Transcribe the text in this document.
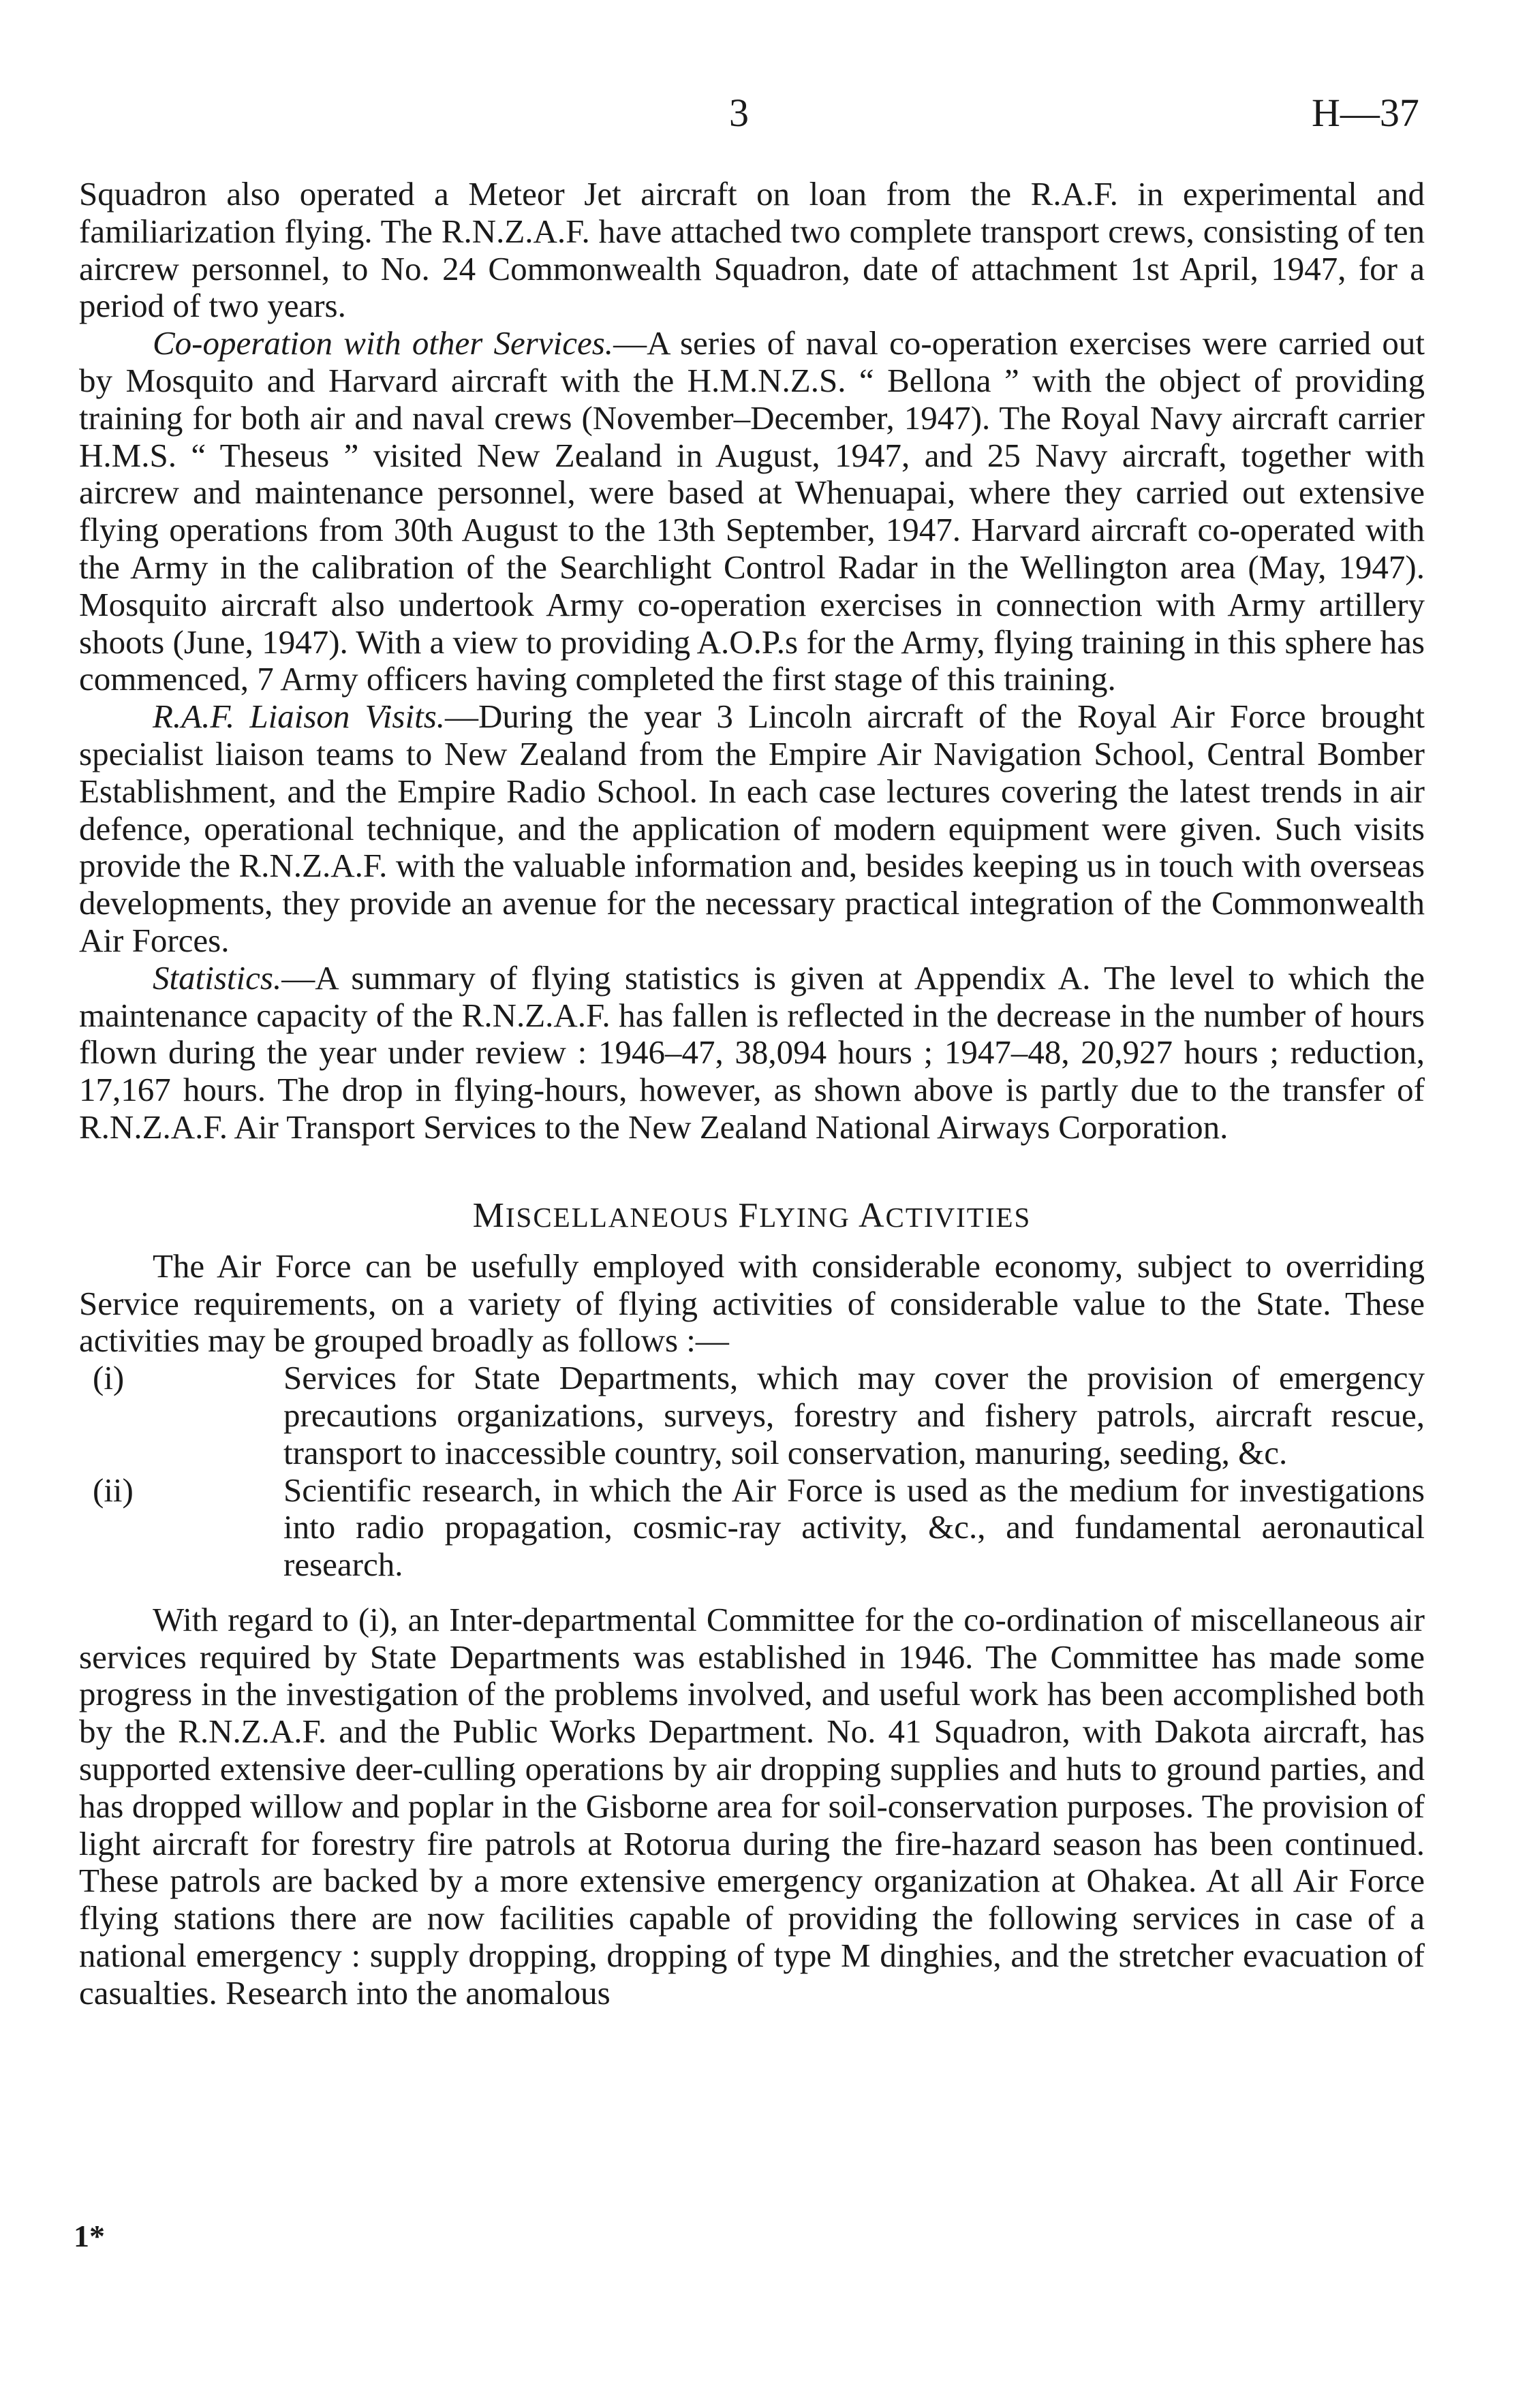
3	H—37

Squadron also operated a Meteor Jet aircraft on loan from the R.A.F. in experimental and familiarization flying. The R.N.Z.A.F. have attached two complete transport crews, consisting of ten aircrew personnel, to No. 24 Commonwealth Squadron, date of attachment 1st April, 1947, for a period of two years.

Co-operation with other Services.—A series of naval co-operation exercises were carried out by Mosquito and Harvard aircraft with the H.M.N.Z.S. “ Bellona ” with the object of providing training for both air and naval crews (November–December, 1947). The Royal Navy aircraft carrier H.M.S. “ Theseus ” visited New Zealand in August, 1947, and 25 Navy aircraft, together with aircrew and maintenance personnel, were based at Whenuapai, where they carried out extensive flying operations from 30th August to the 13th September, 1947. Harvard aircraft co-operated with the Army in the calibration of the Searchlight Control Radar in the Wellington area (May, 1947). Mosquito aircraft also undertook Army co-operation exercises in connection with Army artillery shoots (June, 1947). With a view to providing A.O.P.s for the Army, flying training in this sphere has commenced, 7 Army officers having completed the first stage of this training.

R.A.F. Liaison Visits.—During the year 3 Lincoln aircraft of the Royal Air Force brought specialist liaison teams to New Zealand from the Empire Air Navigation School, Central Bomber Establishment, and the Empire Radio School. In each case lectures covering the latest trends in air defence, operational technique, and the application of modern equipment were given. Such visits provide the R.N.Z.A.F. with the valuable information and, besides keeping us in touch with overseas developments, they provide an avenue for the necessary practical integration of the Commonwealth Air Forces.

Statistics.—A summary of flying statistics is given at Appendix A. The level to which the maintenance capacity of the R.N.Z.A.F. has fallen is reflected in the decrease in the number of hours flown during the year under review : 1946–47, 38,094 hours ; 1947–48, 20,927 hours ; reduction, 17,167 hours. The drop in flying-hours, however, as shown above is partly due to the transfer of R.N.Z.A.F. Air Transport Services to the New Zealand National Airways Corporation.

MISCELLANEOUS FLYING ACTIVITIES

The Air Force can be usefully employed with considerable economy, subject to overriding Service requirements, on a variety of flying activities of considerable value to the State. These activities may be grouped broadly as follows :—

(i)	Services for State Departments, which may cover the provision of emergency precautions organizations, surveys, forestry and fishery patrols, aircraft rescue, transport to inaccessible country, soil conservation, manuring, seeding, &c.

(ii)	Scientific research, in which the Air Force is used as the medium for investigations into radio propagation, cosmic-ray activity, &c., and fundamental aeronautical research.

With regard to (i), an Inter-departmental Committee for the co-ordination of miscellaneous air services required by State Departments was established in 1946. The Committee has made some progress in the investigation of the problems involved, and useful work has been accomplished both by the R.N.Z.A.F. and the Public Works Department. No. 41 Squadron, with Dakota aircraft, has supported extensive deer-culling operations by air dropping supplies and huts to ground parties, and has dropped willow and poplar in the Gisborne area for soil-conservation purposes. The provision of light aircraft for forestry fire patrols at Rotorua during the fire-hazard season has been continued. These patrols are backed by a more extensive emergency organization at Ohakea. At all Air Force flying stations there are now facilities capable of providing the following services in case of a national emergency : supply dropping, dropping of type M dinghies, and the stretcher evacuation of casualties. Research into the anomalous

1*
